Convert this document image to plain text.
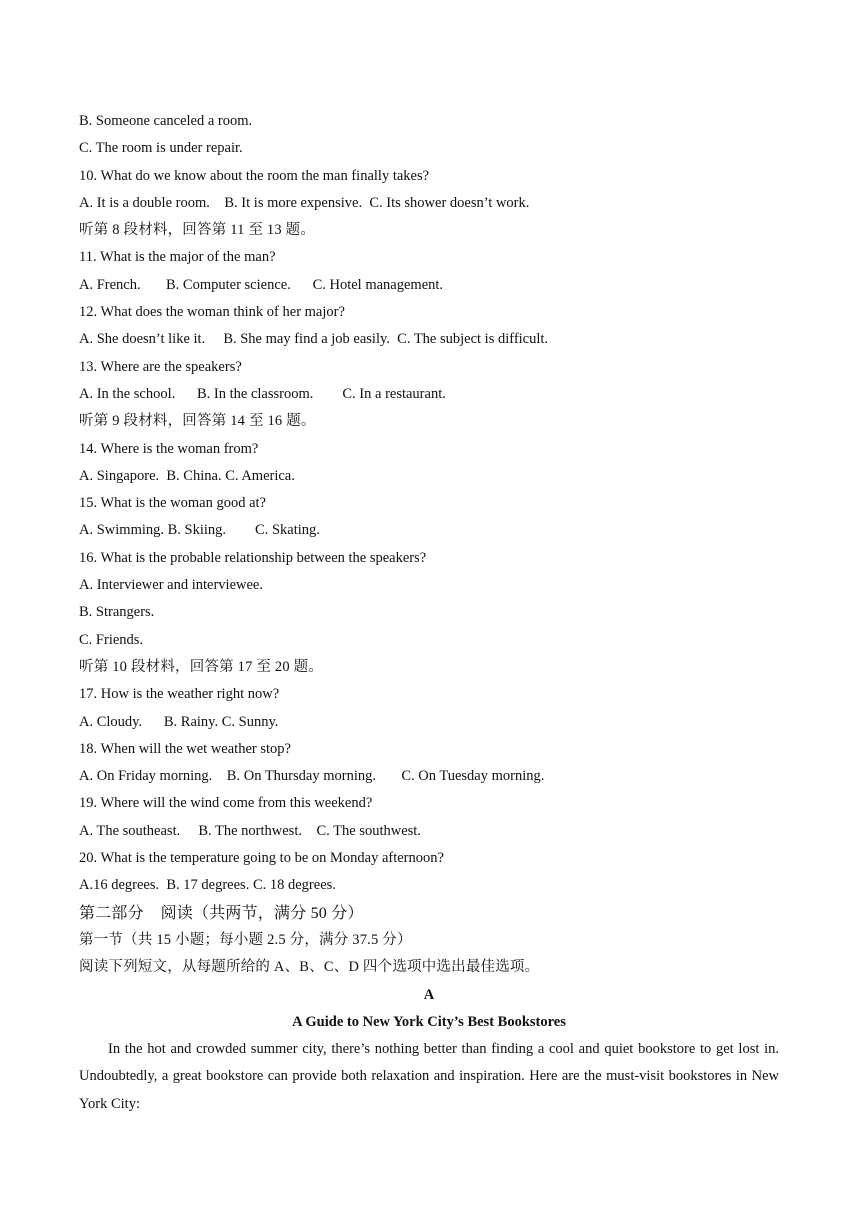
B. Someone canceled a room.
C. The room is under repair.
10. What do we know about the room the man finally takes?
A. It is a double room.    B. It is more expensive.  C. Its shower doesn’t work.
听第 8 段材料，回答第 11 至 13 题。
11. What is the major of the man?
A. French.       B. Computer science.      C. Hotel management.
12. What does the woman think of her major?
A. She doesn’t like it.     B. She may find a job easily.  C. The subject is difficult.
13. Where are the speakers?
A. In the school.      B. In the classroom.        C. In a restaurant.
听第 9 段材料，回答第 14 至 16 题。
14. Where is the woman from?
A. Singapore.  B. China. C. America.
15. What is the woman good at?
A. Swimming. B. Skiing.        C. Skating.
16. What is the probable relationship between the speakers?
A. Interviewer and interviewee.
B. Strangers.
C. Friends.
听第 10 段材料，回答第 17 至 20 题。
17. How is the weather right now?
A. Cloudy.      B. Rainy. C. Sunny.
18. When will the wet weather stop?
A. On Friday morning.    B. On Thursday morning.       C. On Tuesday morning.
19. Where will the wind come from this weekend?
A. The southeast.     B. The northwest.    C. The southwest.
20. What is the temperature going to be on Monday afternoon?
A.16 degrees.  B. 17 degrees. C. 18 degrees.
第二部分    阅读（共两节，满分 50 分）
第一节（共 15 小题；每小题 2.5 分，满分 37.5 分）
阅读下列短文，从每题所给的 A、B、C、D 四个选项中选出最佳选项。
A
A Guide to New York City’s Best Bookstores

In the hot and crowded summer city, there’s nothing better than finding a cool and quiet bookstore to get lost in. Undoubtedly, a great bookstore can provide both relaxation and inspiration. Here are the must-visit bookstores in New York City:
